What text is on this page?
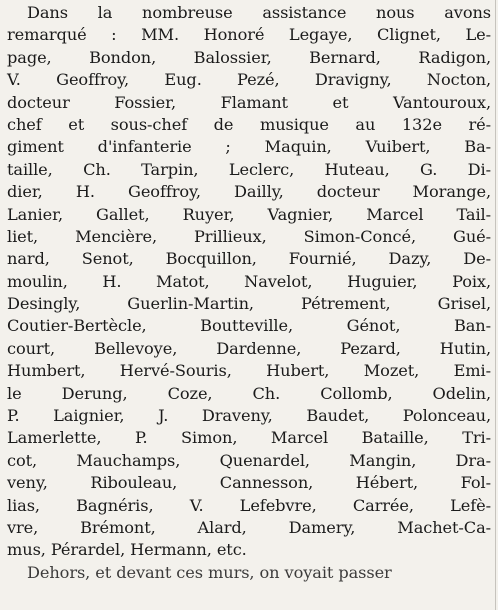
Dans la nombreuse assistance nous avons
remarqué : MM. Honoré Legaye, Clignet, Le-
page, Bondon, Balossier, Bernard, Radigon,
V. Geoffroy, Eug. Pezé, Dravigny, Nocton,
docteur Fossier, Flamant et Vantouroux,
chef et sous-chef de musique au 132e ré-
giment d'infanterie ; Maquin, Vuibert, Ba-
taille, Ch. Tarpin, Leclerc, Huteau, G. Di-
dier, H. Geoffroy, Dailly, docteur Morange,
Lanier, Gallet, Ruyer, Vagnier, Marcel Tail-
liet, Mencière, Prillieux, Simon-Concé, Gué-
nard, Senot, Bocquillon, Fournié, Dazy, De-
moulin, H. Matot, Navelot, Huguier, Poix,
Desingly, Guerlin-Martin, Pétrement, Grisel,
Coutier-Bertècle, Boutteville, Génot, Ban-
court, Bellevoye, Dardenne, Pezard, Hutin,
Humbert, Hervé-Souris, Hubert, Mozet, Emi-
le Derung, Coze, Ch. Collomb, Odelin,
P. Laignier, J. Draveny, Baudet, Polonceau,
Lamerlette, P. Simon, Marcel Bataille, Tri-
cot, Mauchamps, Quenardel, Mangin, Dra-
veny, Ribouleau, Cannesson, Hébert, Fol-
lias, Bagnéris, V. Lefebvre, Carrée, Lefè-
vre, Brémont, Alard, Damery, Machet-Ca-
mus, Pérardel, Hermann, etc.
Dehors, et devant ces murs, on voyait passer
